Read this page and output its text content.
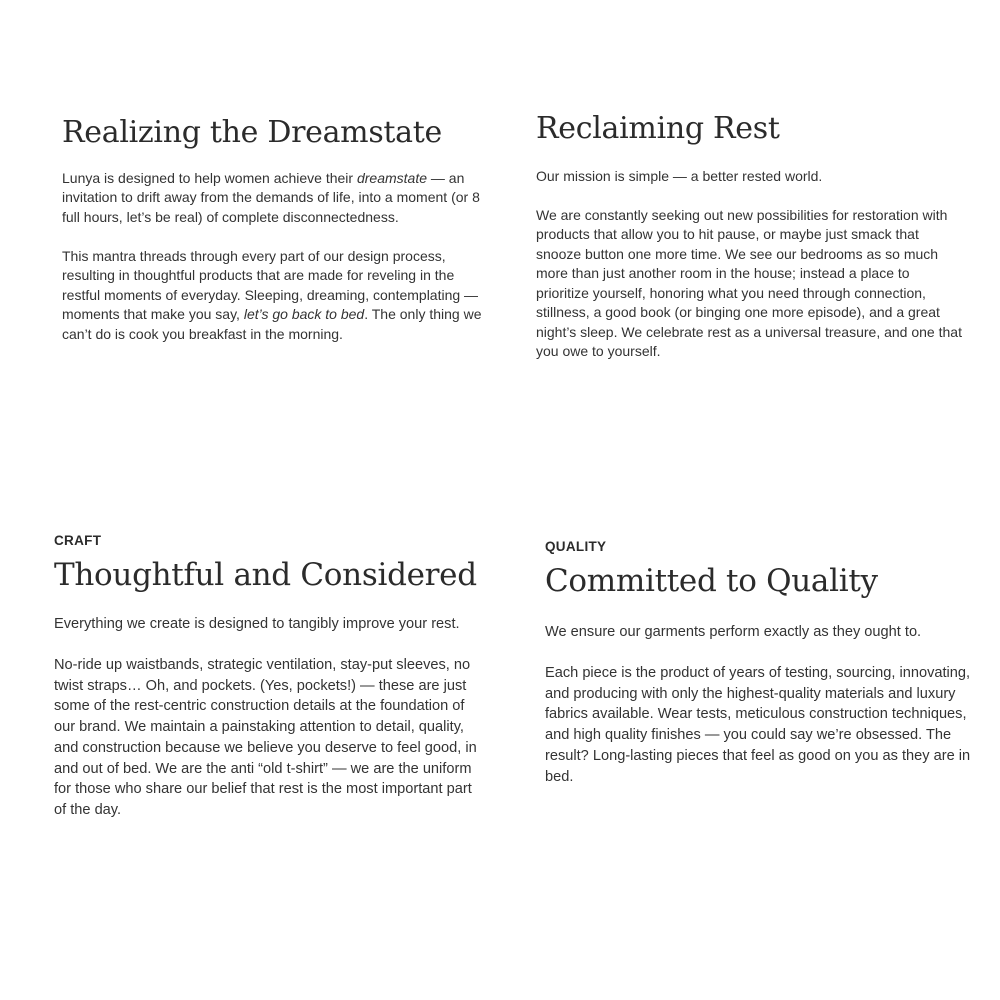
Realizing the Dreamstate

Lunya is designed to help women achieve their dreamstate — an invitation to drift away from the demands of life, into a moment (or 8 full hours, let’s be real) of complete disconnectedness.

This mantra threads through every part of our design process, resulting in thoughtful products that are made for reveling in the restful moments of everyday. Sleeping, dreaming, contemplating — moments that make you say, let’s go back to bed. The only thing we can’t do is cook you breakfast in the morning.

Reclaiming Rest

Our mission is simple — a better rested world.

We are constantly seeking out new possibilities for restoration with products that allow you to hit pause, or maybe just smack that snooze button one more time. We see our bedrooms as so much more than just another room in the house; instead a place to prioritize yourself, honoring what you need through connection, stillness, a good book (or binging one more episode), and a great night’s sleep. We celebrate rest as a universal treasure, and one that you owe to yourself.

CRAFT
Thoughtful and Considered

Everything we create is designed to tangibly improve your rest.

No-ride up waistbands, strategic ventilation, stay-put sleeves, no twist straps… Oh, and pockets. (Yes, pockets!) — these are just some of the rest-centric construction details at the foundation of our brand. We maintain a painstaking attention to detail, quality, and construction because we believe you deserve to feel good, in and out of bed. We are the anti “old t-shirt” — we are the uniform for those who share our belief that rest is the most important part of the day.

QUALITY
Committed to Quality

We ensure our garments perform exactly as they ought to.

Each piece is the product of years of testing, sourcing, innovating, and producing with only the highest-quality materials and luxury fabrics available. Wear tests, meticulous construction techniques, and high quality finishes — you could say we’re obsessed. The result? Long-lasting pieces that feel as good on you as they are in bed.
